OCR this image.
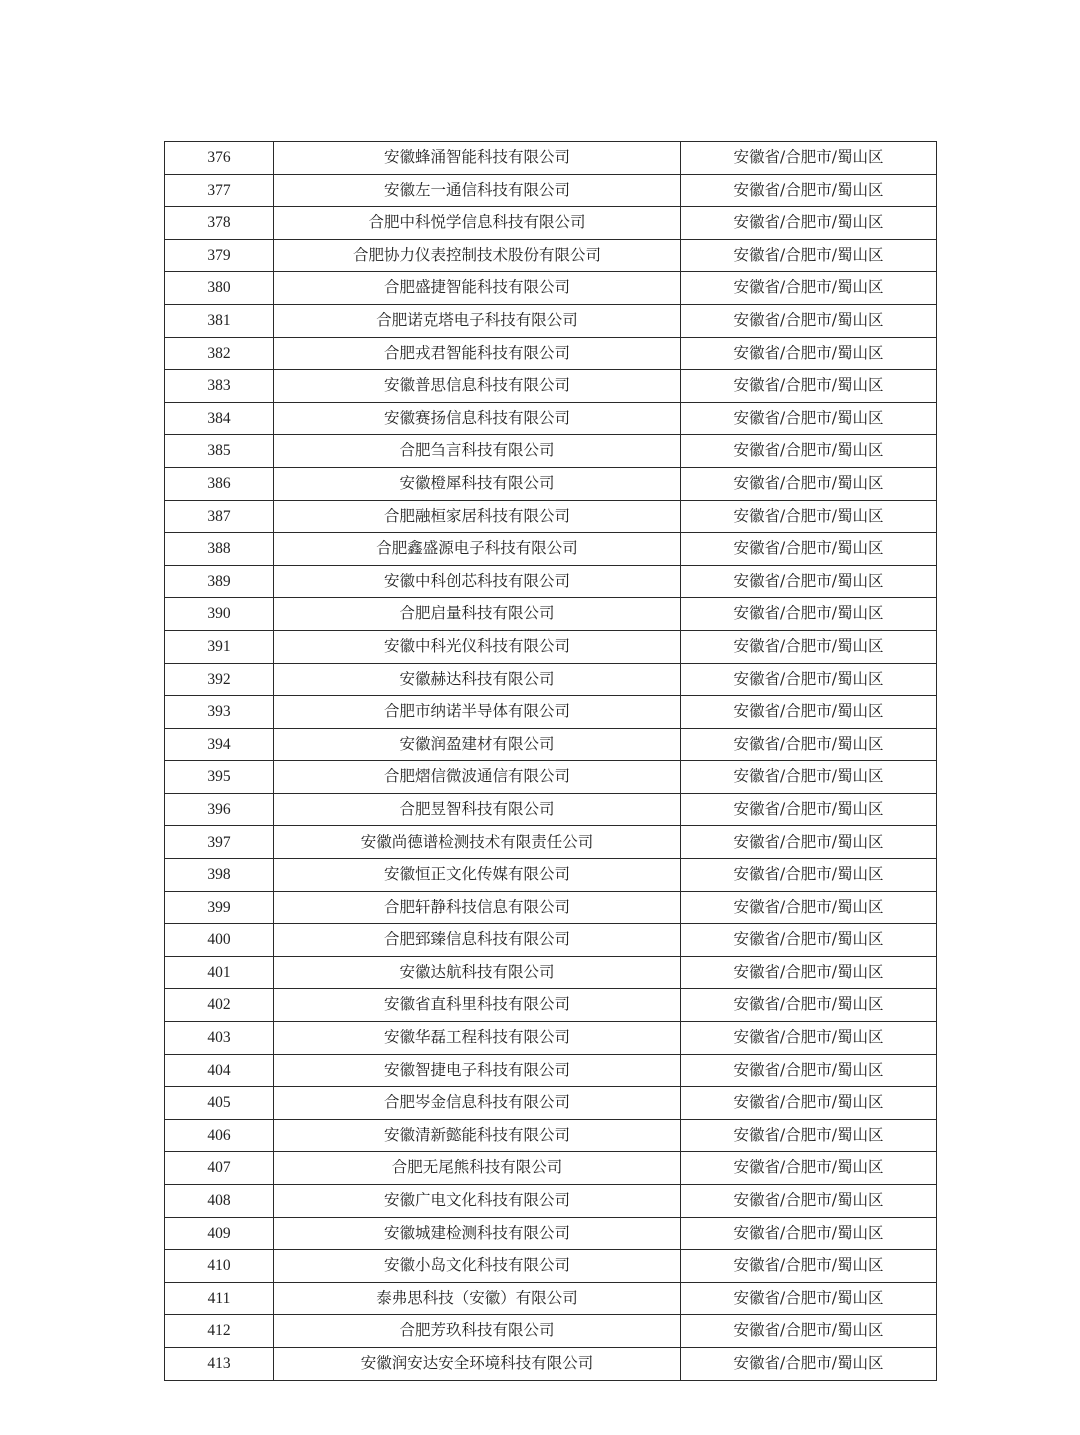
376	安徽蜂涌智能科技有限公司	安徽省/合肥市/蜀山区
377	安徽左一通信科技有限公司	安徽省/合肥市/蜀山区
378	合肥中科悦学信息科技有限公司	安徽省/合肥市/蜀山区
379	合肥协力仪表控制技术股份有限公司	安徽省/合肥市/蜀山区
380	合肥盛捷智能科技有限公司	安徽省/合肥市/蜀山区
381	合肥诺克塔电子科技有限公司	安徽省/合肥市/蜀山区
382	合肥戎君智能科技有限公司	安徽省/合肥市/蜀山区
383	安徽普思信息科技有限公司	安徽省/合肥市/蜀山区
384	安徽赛扬信息科技有限公司	安徽省/合肥市/蜀山区
385	合肥刍言科技有限公司	安徽省/合肥市/蜀山区
386	安徽橙犀科技有限公司	安徽省/合肥市/蜀山区
387	合肥融桓家居科技有限公司	安徽省/合肥市/蜀山区
388	合肥鑫盛源电子科技有限公司	安徽省/合肥市/蜀山区
389	安徽中科创芯科技有限公司	安徽省/合肥市/蜀山区
390	合肥启量科技有限公司	安徽省/合肥市/蜀山区
391	安徽中科光仪科技有限公司	安徽省/合肥市/蜀山区
392	安徽赫达科技有限公司	安徽省/合肥市/蜀山区
393	合肥市纳诺半导体有限公司	安徽省/合肥市/蜀山区
394	安徽润盈建材有限公司	安徽省/合肥市/蜀山区
395	合肥熠信微波通信有限公司	安徽省/合肥市/蜀山区
396	合肥昱智科技有限公司	安徽省/合肥市/蜀山区
397	安徽尚德谱检测技术有限责任公司	安徽省/合肥市/蜀山区
398	安徽恒正文化传媒有限公司	安徽省/合肥市/蜀山区
399	合肥轩静科技信息有限公司	安徽省/合肥市/蜀山区
400	合肥郅臻信息科技有限公司	安徽省/合肥市/蜀山区
401	安徽达航科技有限公司	安徽省/合肥市/蜀山区
402	安徽省直科里科技有限公司	安徽省/合肥市/蜀山区
403	安徽华磊工程科技有限公司	安徽省/合肥市/蜀山区
404	安徽智捷电子科技有限公司	安徽省/合肥市/蜀山区
405	合肥岑金信息科技有限公司	安徽省/合肥市/蜀山区
406	安徽清新懿能科技有限公司	安徽省/合肥市/蜀山区
407	合肥无尾熊科技有限公司	安徽省/合肥市/蜀山区
408	安徽广电文化科技有限公司	安徽省/合肥市/蜀山区
409	安徽城建检测科技有限公司	安徽省/合肥市/蜀山区
410	安徽小岛文化科技有限公司	安徽省/合肥市/蜀山区
411	泰弗思科技（安徽）有限公司	安徽省/合肥市/蜀山区
412	合肥芳玖科技有限公司	安徽省/合肥市/蜀山区
413	安徽润安达安全环境科技有限公司	安徽省/合肥市/蜀山区
